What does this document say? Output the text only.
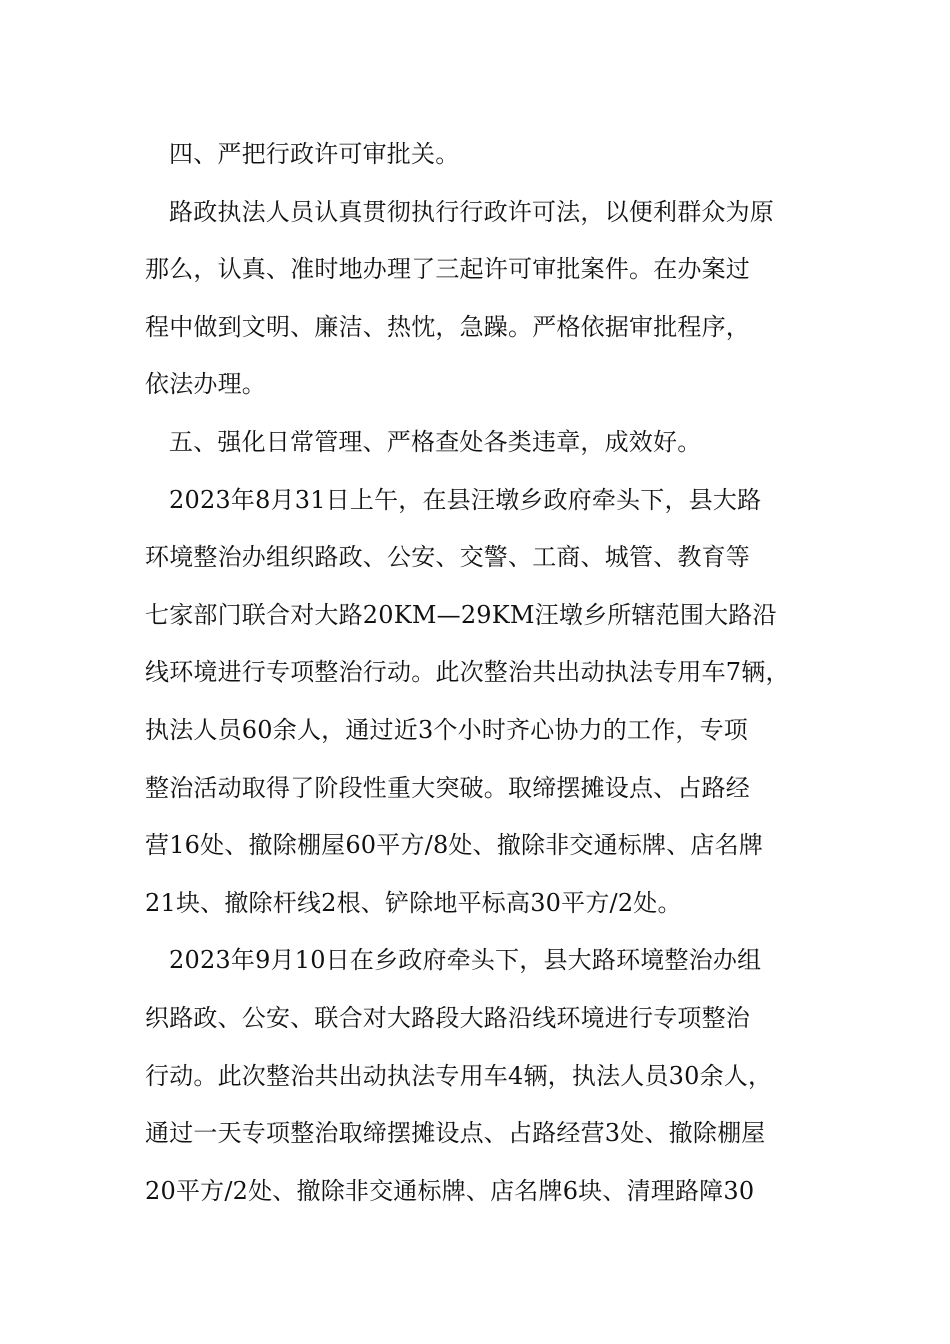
四、严把行政许可审批关。
路政执法人员认真贯彻执行行政许可法，以便利群众为原
那么，认真、准时地办理了三起许可审批案件。在办案过
程中做到文明、廉洁、热忱，急躁。严格依据审批程序，
依法办理。
五、强化日常管理、严格查处各类违章，成效好。
2023年8月31日上午，在县汪墩乡政府牵头下，县大路
环境整治办组织路政、公安、交警、工商、城管、教育等
七家部门联合对大路20KM—29KM汪墩乡所辖范围大路沿
线环境进行专项整治行动。此次整治共出动执法专用车7辆，
执法人员60余人，通过近3个小时齐心协力的工作，专项
整治活动取得了阶段性重大突破。取缔摆摊设点、占路经
营16处、撤除棚屋60平方/8处、撤除非交通标牌、店名牌
21块、撤除杆线2根、铲除地平标高30平方/2处。
2023年9月10日在乡政府牵头下，县大路环境整治办组
织路政、公安、联合对大路段大路沿线环境进行专项整治
行动。此次整治共出动执法专用车4辆，执法人员30余人，
通过一天专项整治取缔摆摊设点、占路经营3处、撤除棚屋
20平方/2处、撤除非交通标牌、店名牌6块、清理路障30
